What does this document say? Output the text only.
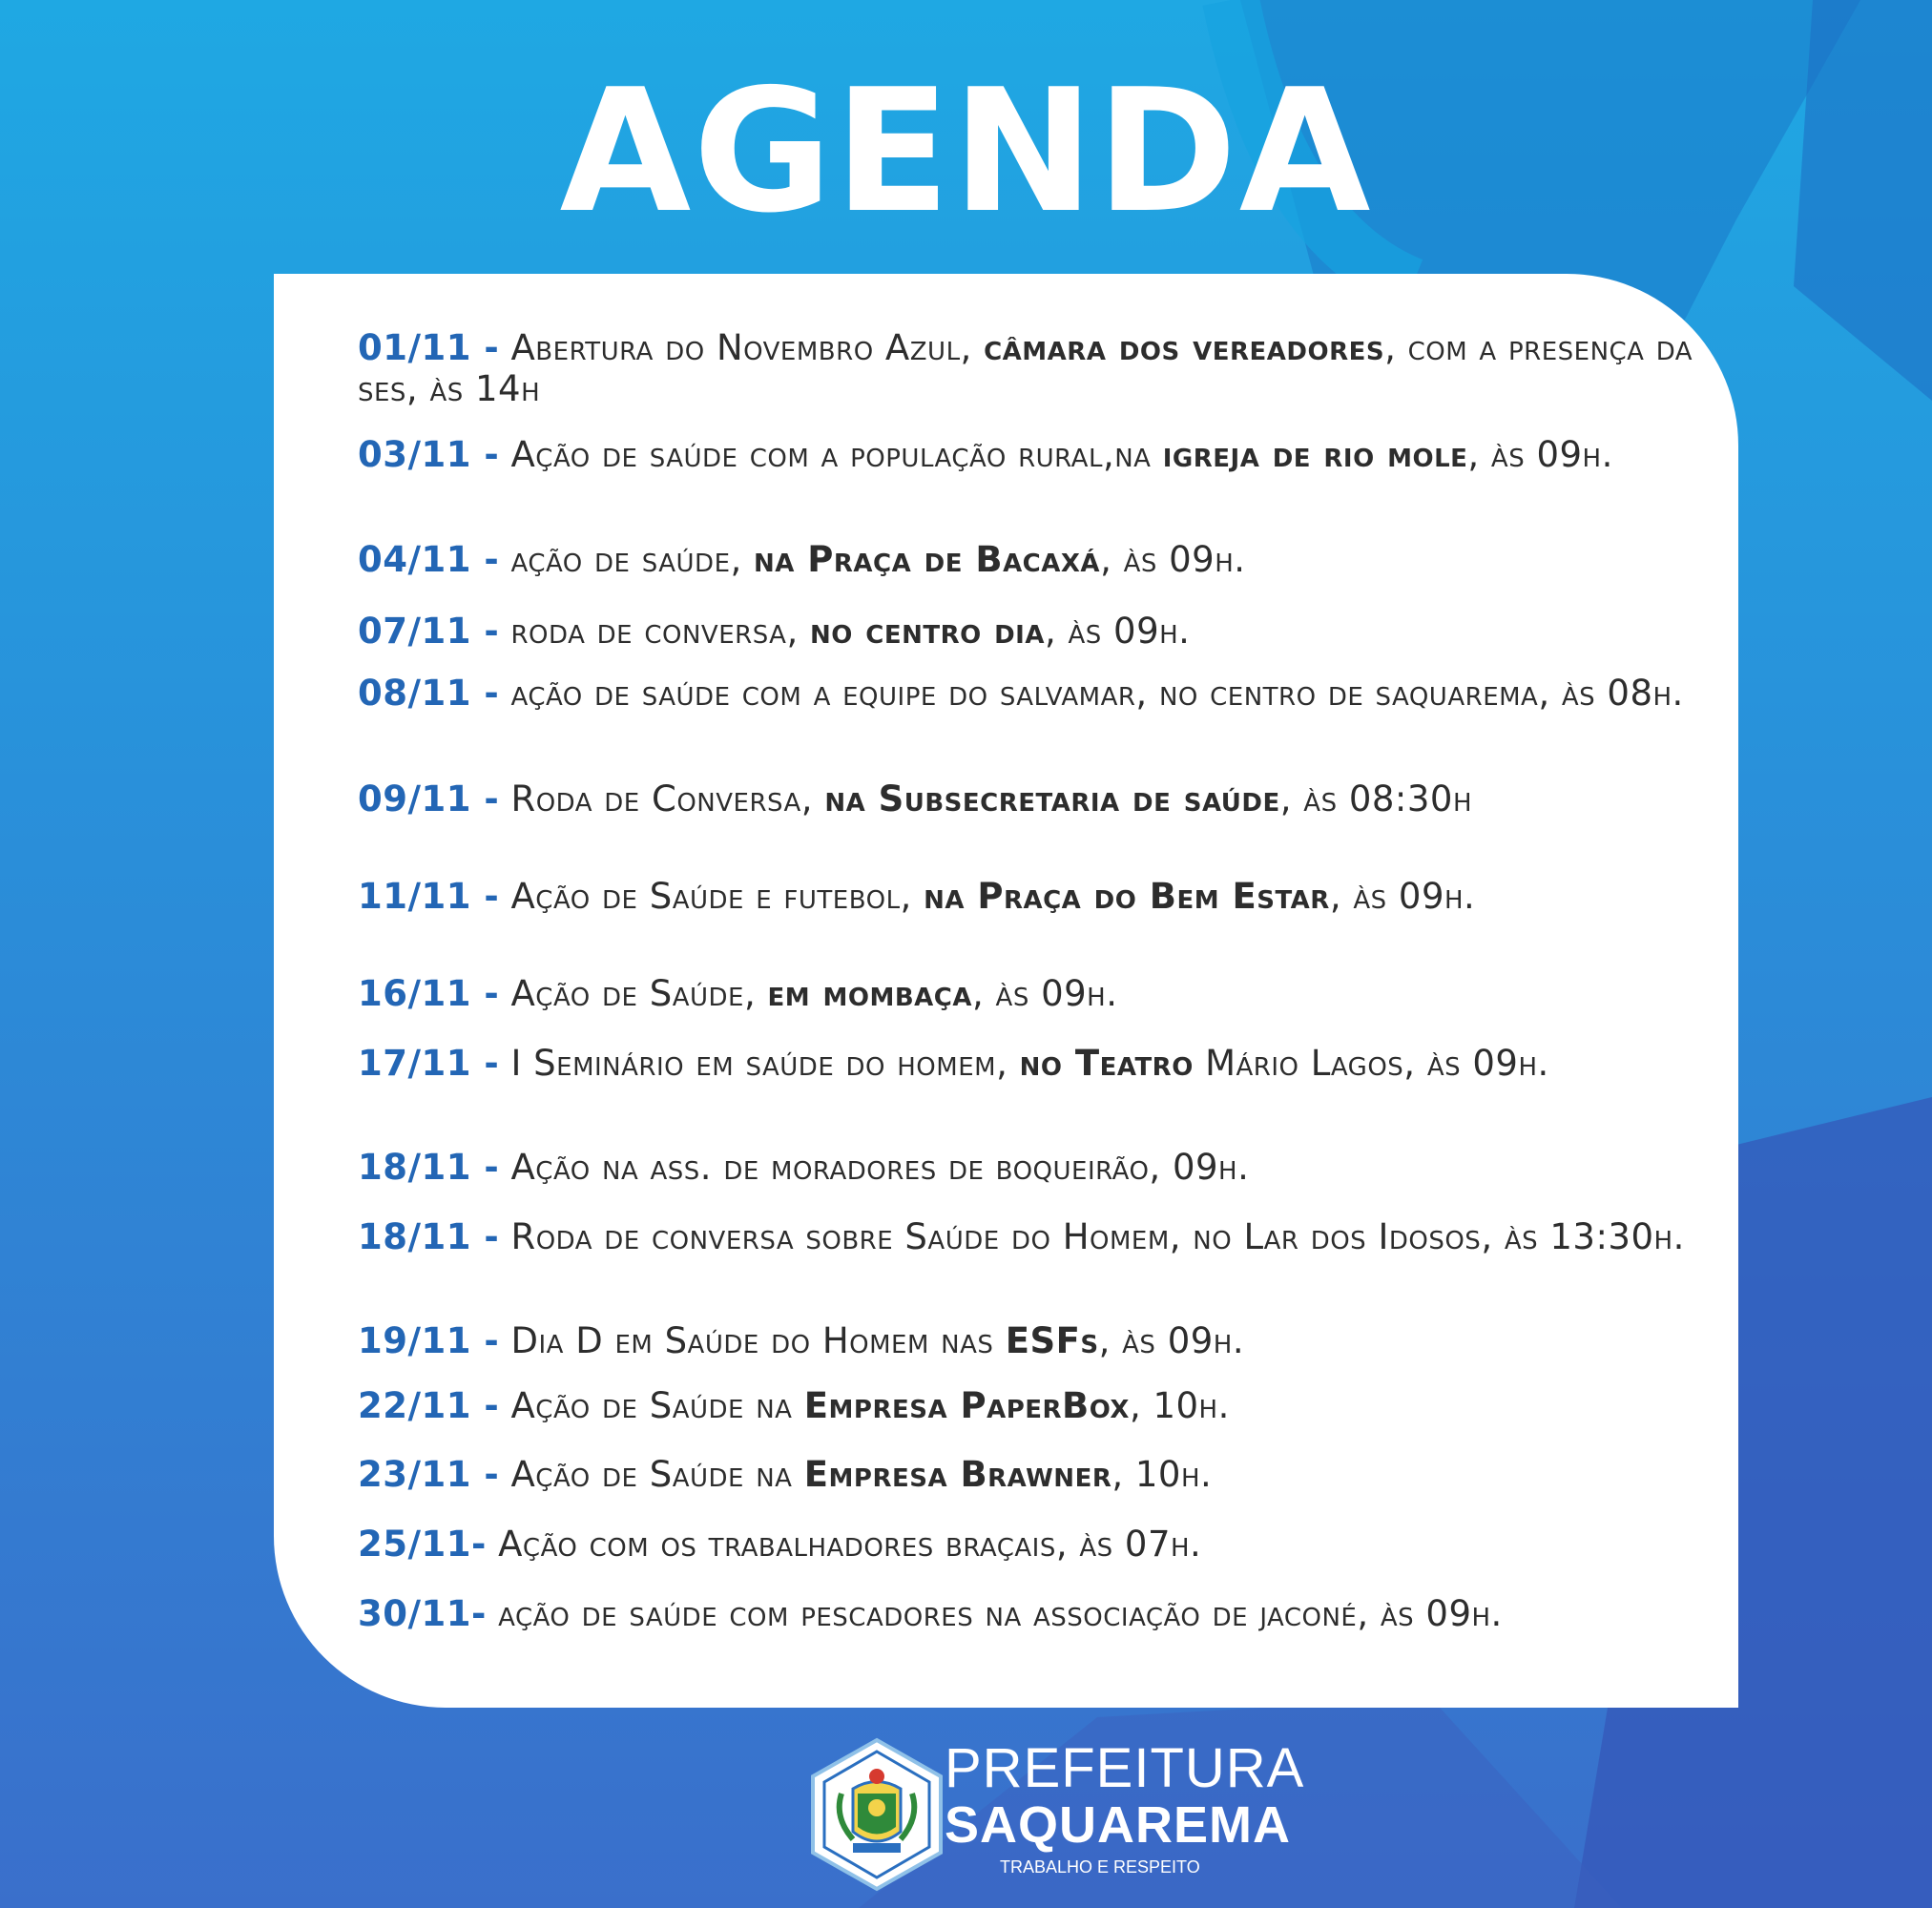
AGENDA
01/11 - Abertura do Novembro Azul, câmara dos vereadores, com a presença da ses, às 14h
03/11 - Ação de saúde com a população rural,na igreja de rio mole, às 09h.
04/11 - ação de saúde, na Praça de Bacaxá, às 09h.
07/11 - roda de conversa, no centro dia, às 09h.
08/11 - ação de saúde com a equipe do salvamar, no centro de saquarema, às 08h.
09/11 - Roda de Conversa, na Subsecretaria de saúde, às 08:30h
11/11 - Ação de Saúde e futebol, na Praça do Bem Estar, às 09h.
16/11 - Ação de Saúde, em mombaça, às 09h.
17/11 - I Seminário em saúde do homem, no Teatro Mário Lagos, às 09h.
18/11 - Ação na ass. de moradores de boqueirão, 09h.
18/11 - Roda de conversa sobre Saúde do Homem, no Lar dos Idosos, às 13:30h.
19/11 - Dia D em Saúde do Homem nas ESFs, às 09h.
22/11 - Ação de Saúde na Empresa PaperBox, 10h.
23/11 - Ação de Saúde na Empresa Brawner, 10h.
25/11- Ação com os trabalhadores braçais, às 07h.
30/11- ação de saúde com pescadores na associação de jaconé, às 09h.
PREFEITURA
SAQUAREMA
TRABALHO E RESPEITO
